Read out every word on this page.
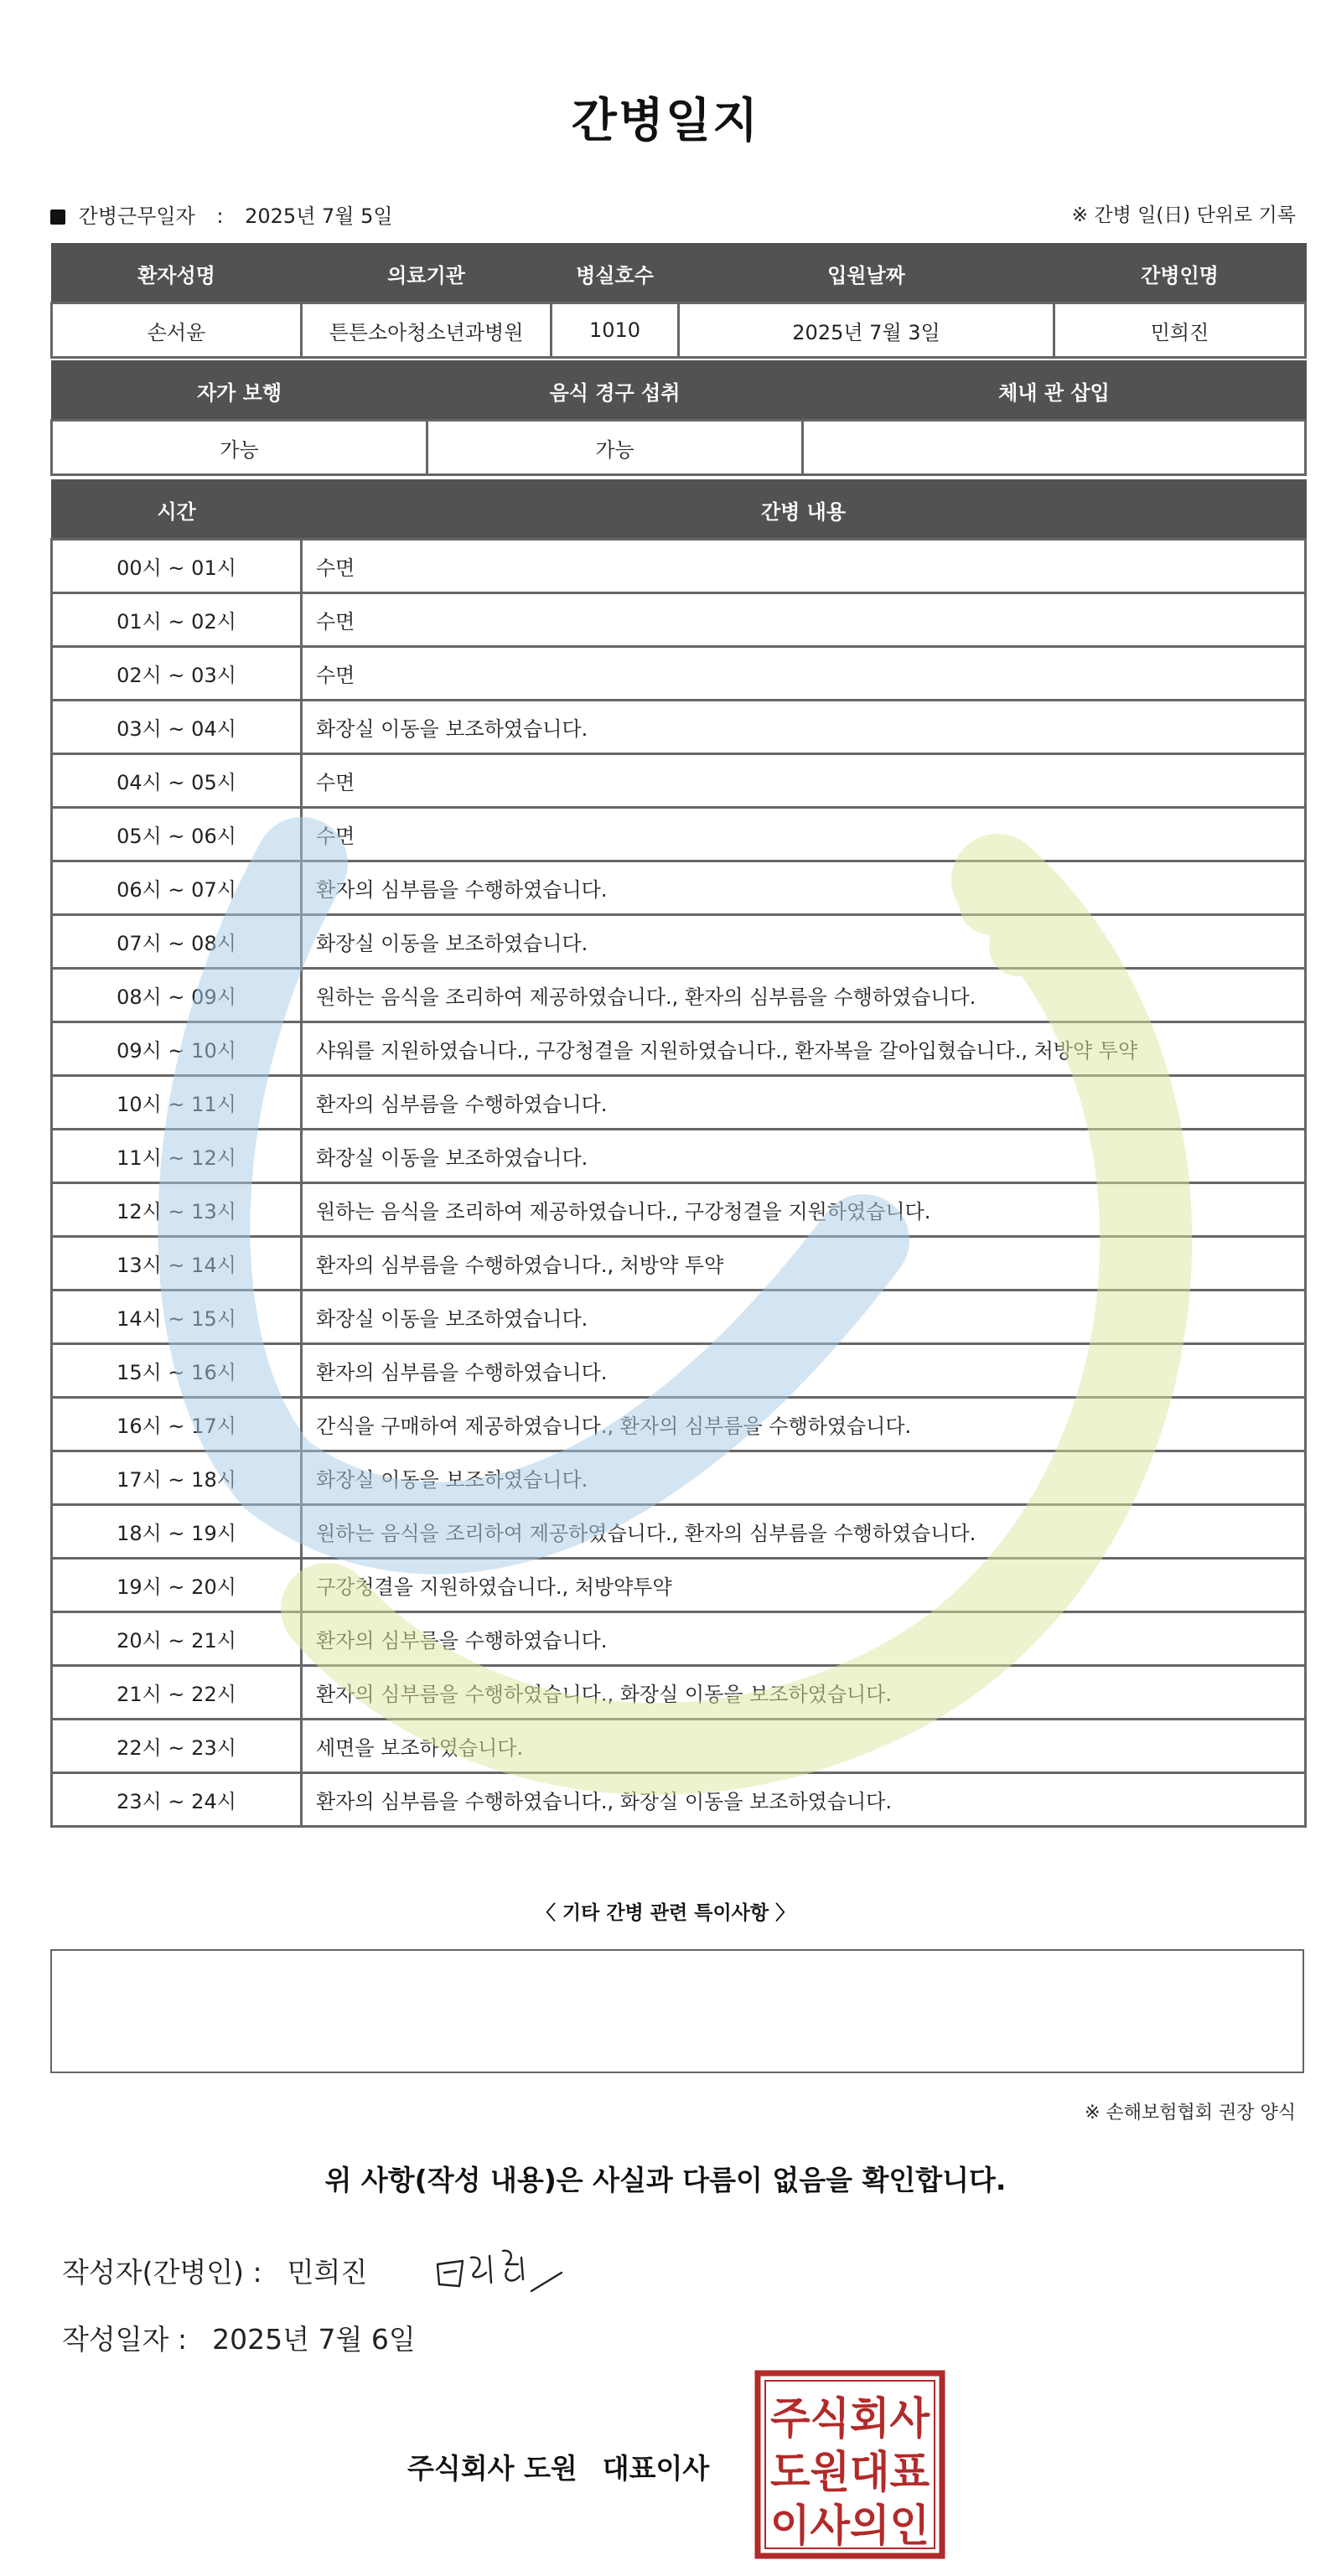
간병일지
간병근무일자 : 2025년 7월 5일	※ 간병 일(日) 단위로 기록
환자성명	의료기관	병실호수	입원날짜	간병인명
손서윤	튼튼소아청소년과병원	1010	2025년 7월 3일	민희진
자가 보행	음식 경구 섭취	체내 관 삽입
가능	가능	
시간	간병 내용
00시 ~ 01시	수면
01시 ~ 02시	수면
02시 ~ 03시	수면
03시 ~ 04시	화장실 이동을 보조하였습니다.
04시 ~ 05시	수면
05시 ~ 06시	수면
06시 ~ 07시	환자의 심부름을 수행하였습니다.
07시 ~ 08시	화장실 이동을 보조하였습니다.
08시 ~ 09시	원하는 음식을 조리하여 제공하였습니다., 환자의 심부름을 수행하였습니다.
09시 ~ 10시	샤워를 지원하였습니다., 구강청결을 지원하였습니다., 환자복을 갈아입혔습니다., 처방약 투약
10시 ~ 11시	환자의 심부름을 수행하였습니다.
11시 ~ 12시	화장실 이동을 보조하였습니다.
12시 ~ 13시	원하는 음식을 조리하여 제공하였습니다., 구강청결을 지원하였습니다.
13시 ~ 14시	환자의 심부름을 수행하였습니다., 처방약 투약
14시 ~ 15시	화장실 이동을 보조하였습니다.
15시 ~ 16시	환자의 심부름을 수행하였습니다.
16시 ~ 17시	간식을 구매하여 제공하였습니다., 환자의 심부름을 수행하였습니다.
17시 ~ 18시	화장실 이동을 보조하였습니다.
18시 ~ 19시	원하는 음식을 조리하여 제공하였습니다., 환자의 심부름을 수행하였습니다.
19시 ~ 20시	구강청결을 지원하였습니다., 처방약투약
20시 ~ 21시	환자의 심부름을 수행하였습니다.
21시 ~ 22시	환자의 심부름을 수행하였습니다., 화장실 이동을 보조하였습니다.
22시 ~ 23시	세면을 보조하였습니다.
23시 ~ 24시	환자의 심부름을 수행하였습니다., 화장실 이동을 보조하였습니다.
〈 기타 간병 관련 특이사항 〉
※ 손해보험협회 권장 양식
위 사항(작성 내용)은 사실과 다름이 없음을 확인합니다.
작성자(간병인) : 민희진
작성일자 : 2025년 7월 6일
주식회사 도원 대표이사
주식회사
도원대표
이사의인
